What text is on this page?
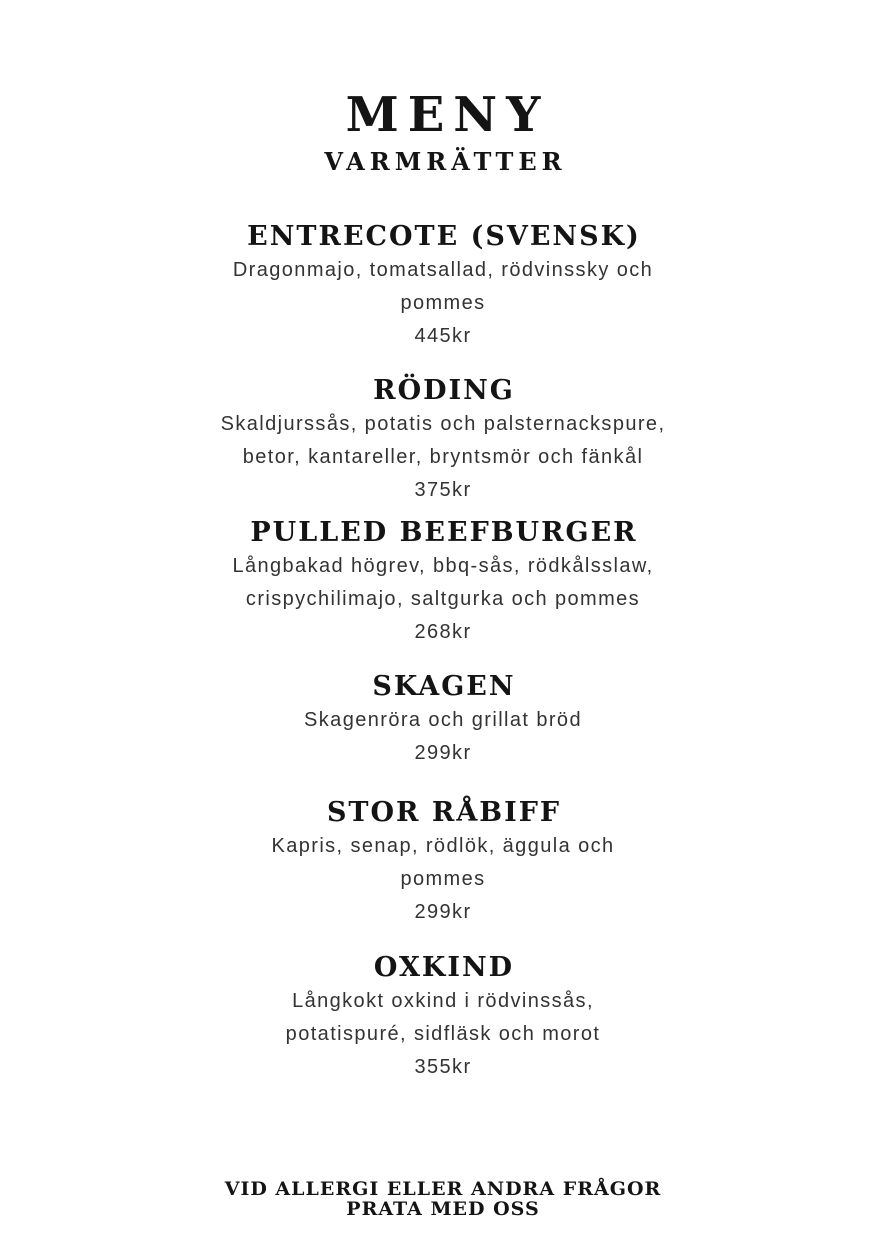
MENY
VARMRÄTTER
ENTRECOTE (SVENSK)
Dragonmajo, tomatsallad, rödvinssky och
pommes
445kr
RÖDING
Skaldjurssås, potatis och palsternackspure,
betor, kantareller, bryntsmör och fänkål
375kr
PULLED BEEFBURGER
Långbakad högrev, bbq-sås, rödkålsslaw,
crispychilimajo, saltgurka och pommes
268kr
SKAGEN
Skagenröra och grillat bröd
299kr
STOR RÅBIFF
Kapris, senap, rödlök, äggula och
pommes
299kr
OXKIND
Långkokt oxkind i rödvinssås,
potatispuré, sidfläsk och morot
355kr
VID ALLERGI ELLER ANDRA FRÅGOR
PRATA MED OSS
